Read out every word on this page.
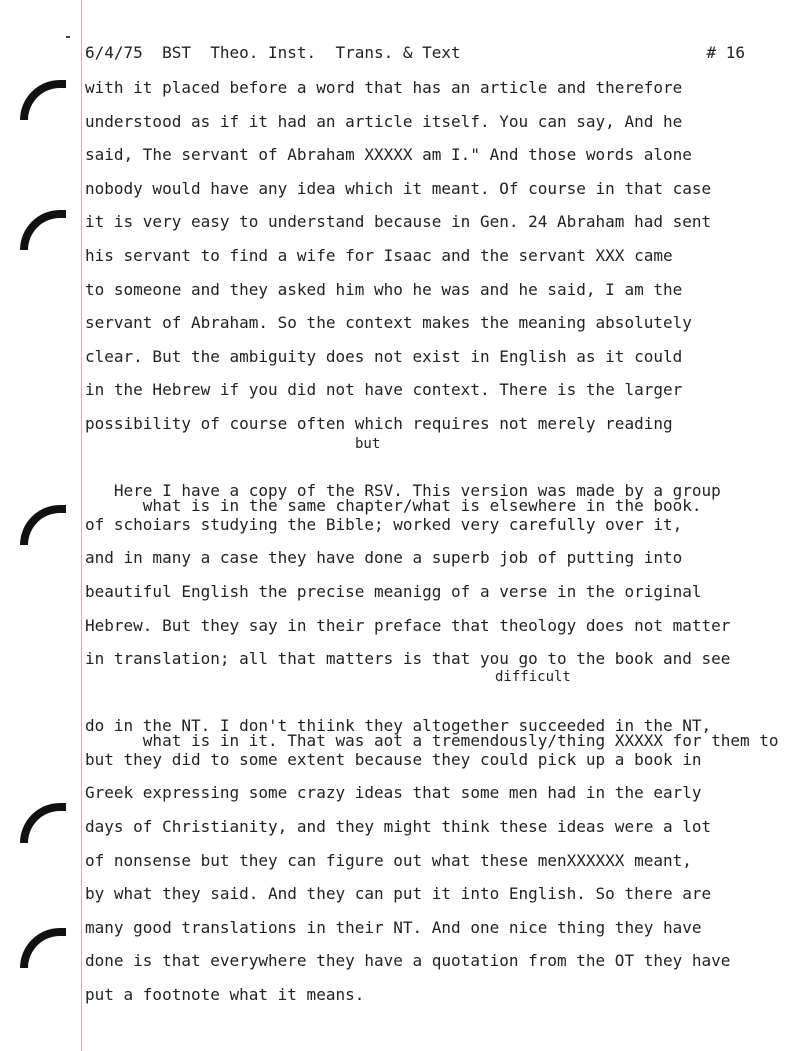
6/4/75  BST  Theo. Inst.  Trans. & Text

	# 16

with it placed before a word that has an article and therefore
understood as if it had an article itself. You can say, And he
said, The servant of Abraham XXXXX am I." And those words alone
nobody would have any idea which it meant. Of course in that case
it is very easy to understand because in Gen. 24 Abraham had sent
his servant to find a wife for Isaac and the servant XXX came
to someone and they asked him who he was and he said, I am the
servant of Abraham. So the context makes the meaning absolutely
clear. But the ambiguity does not exist in English as it could
in the Hebrew if you did not have context. There is the larger
possibility of course often which requires not merely reading

but

what is in the same chapter/what is elsewhere in the book.

Here I have a copy of the RSV. This version was made by a group
of schoiars studying the Bible; worked very carefully over it,
and in many a case they have done a superb job of putting into
beautiful English the precise meanigg of a verse in the original
Hebrew. But they say in their preface that theology does not matter
in translation; all that matters is that you go to the book and see

difficult

what is in it. That was aot a tremendously/thing XXXXX for them to

do in the NT. I don't thiink they altogether succeeded in the NT,
but they did to some extent because they could pick up a book in
Greek expressing some crazy ideas that some men had in the early
days of Christianity, and they might think these ideas were a lot
of nonsense but they can figure out what these menXXXXXX meant,
by what they said. And they can put it into English. So there are
many good translations in their NT. And one nice thing they have
done is that everywhere they have a quotation from the OT they have
put a footnote what it means.
